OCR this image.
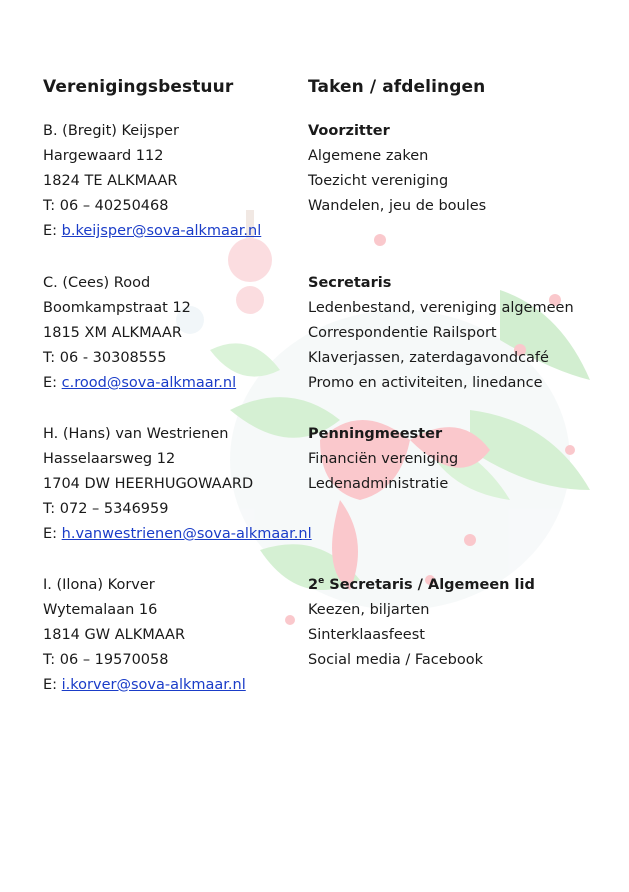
Verenigingsbestuur	Taken / afdelingen
B. (Bregit) Keijsper
Hargewaard 112
1824 TE ALKMAAR
T: 06 – 40250468
E: b.keijsper@sova-alkmaar.nl
Voorzitter
Algemene zaken
Toezicht vereniging
Wandelen, jeu de boules
C. (Cees) Rood
Boomkampstraat 12
1815 XM ALKMAAR
T: 06 - 30308555
E: c.rood@sova-alkmaar.nl
Secretaris
Ledenbestand, vereniging algemeen
Correspondentie Railsport
Klaverjassen, zaterdagavondcafé
Promo en activiteiten, linedance
H. (Hans) van Westrienen
Hasselaarsweg 12
1704 DW HEERHUGOWAARD
T: 072 – 5346959
E: h.vanwestrienen@sova-alkmaar.nl
Penningmeester
Financiën vereniging
Ledenadministratie
I. (Ilona) Korver
Wytemalaan 16
1814 GW ALKMAAR
T: 06 – 19570058
E: i.korver@sova-alkmaar.nl
2e Secretaris / Algemeen lid
Keezen, biljarten
Sinterklaasfeest
Social media / Facebook
